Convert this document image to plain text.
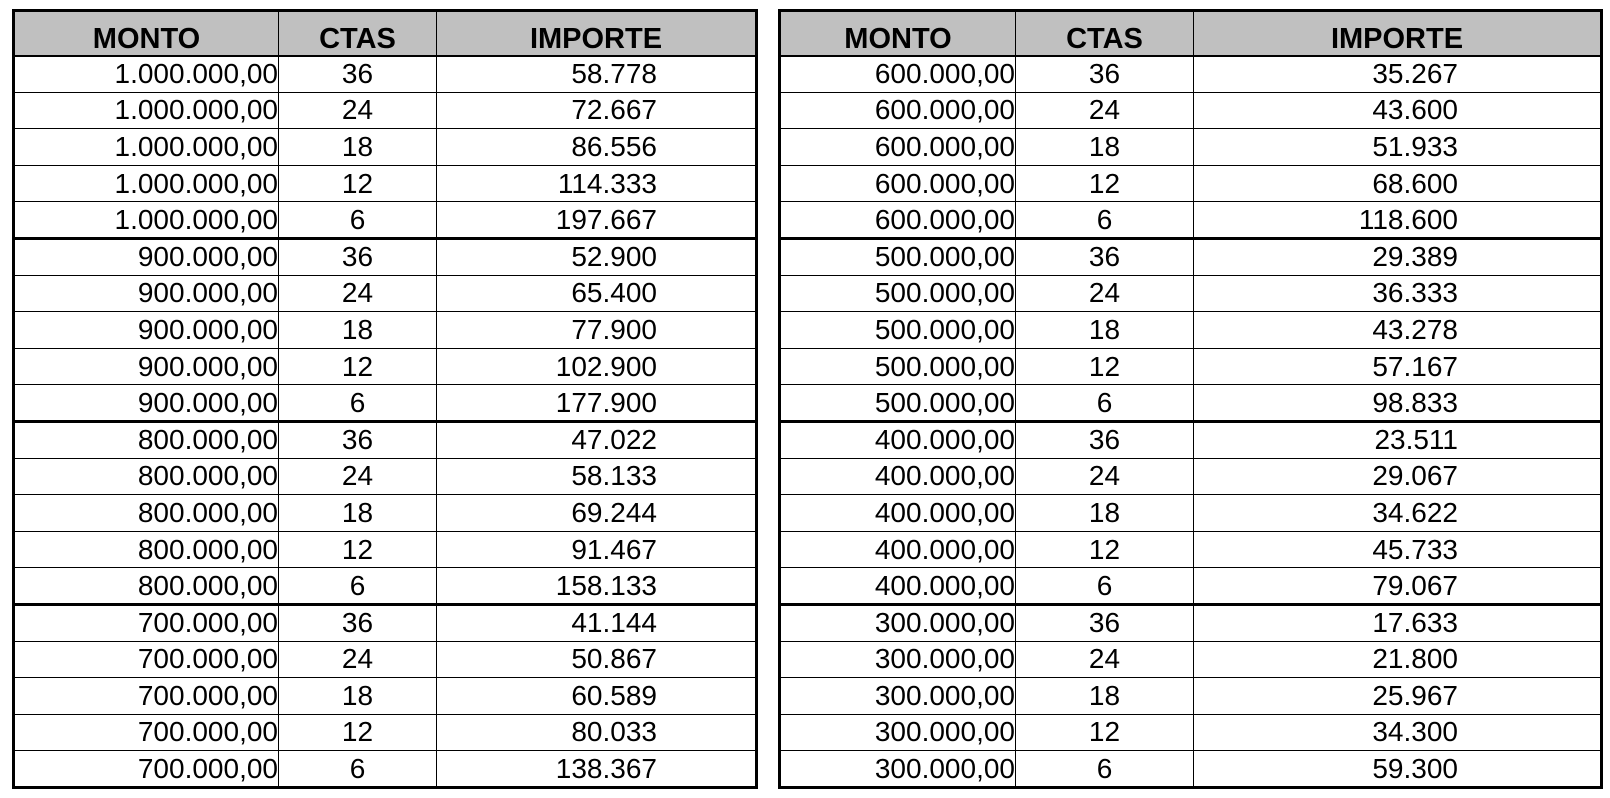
MONTO	CTAS	IMPORTE
1.000.000,00	36	58.778
1.000.000,00	24	72.667
1.000.000,00	18	86.556
1.000.000,00	12	114.333
1.000.000,00	6	197.667
900.000,00	36	52.900
900.000,00	24	65.400
900.000,00	18	77.900
900.000,00	12	102.900
900.000,00	6	177.900
800.000,00	36	47.022
800.000,00	24	58.133
800.000,00	18	69.244
800.000,00	12	91.467
800.000,00	6	158.133
700.000,00	36	41.144
700.000,00	24	50.867
700.000,00	18	60.589
700.000,00	12	80.033
700.000,00	6	138.367
MONTO	CTAS	IMPORTE
600.000,00	36	35.267
600.000,00	24	43.600
600.000,00	18	51.933
600.000,00	12	68.600
600.000,00	6	118.600
500.000,00	36	29.389
500.000,00	24	36.333
500.000,00	18	43.278
500.000,00	12	57.167
500.000,00	6	98.833
400.000,00	36	23.511
400.000,00	24	29.067
400.000,00	18	34.622
400.000,00	12	45.733
400.000,00	6	79.067
300.000,00	36	17.633
300.000,00	24	21.800
300.000,00	18	25.967
300.000,00	12	34.300
300.000,00	6	59.300
